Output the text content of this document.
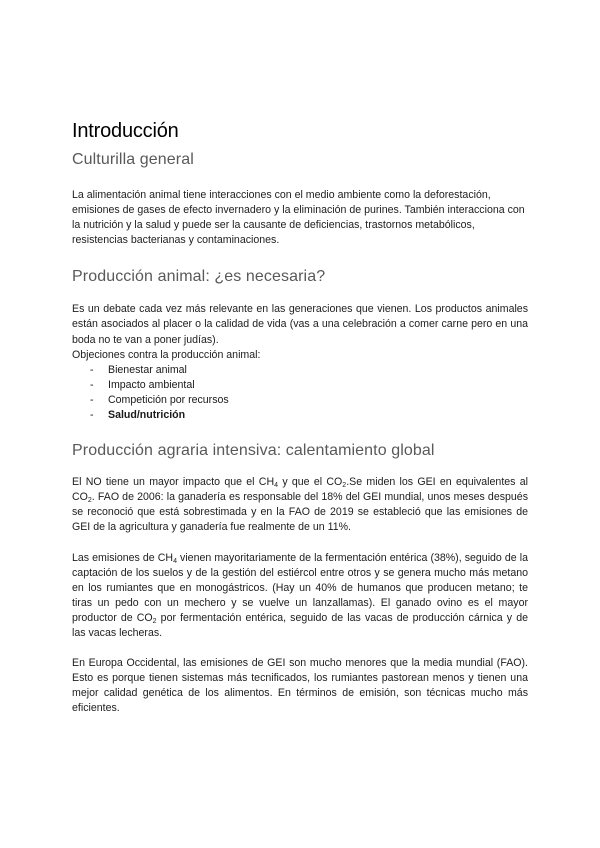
Introducción
Culturilla general

La alimentación animal tiene interacciones con el medio ambiente como la deforestación, emisiones de gases de efecto invernadero y la eliminación de purines. También interacciona con la nutrición y la salud y puede ser la causante de deficiencias, trastornos metabólicos, resistencias bacterianas y contaminaciones.

Producción animal: ¿es necesaria?

Es un debate cada vez más relevante en las generaciones que vienen. Los productos animales están asociados al placer o la calidad de vida (vas a una celebración a comer carne pero en una boda no te van a poner judías).

Objeciones contra la producción animal:

- Bienestar animal
- Impacto ambiental
- Competición por recursos
- Salud/nutrición
Producción agraria intensiva: calentamiento global

El NO tiene un mayor impacto que el $CH_4$ y que el $CO_2.Se$ miden los GEI en equivalentes al $CO_2$. FAO de 2006: la ganadería es responsable del 18% del GEI mundial, unos meses después se reconoció que está sobrestimada y en la FAO de 2019 se estableció que las emisiones de GEI de la agricultura y ganadería fue realmente de un 11%.

Las emisiones de $CH_4$ vienen mayoritariamente de la fermentación entérica (38%), seguido de la captación de los suelos y de la gestión del estiércol entre otros y se genera mucho más metano en los rumiantes que en monogástricos. (Hay un 40% de humanos que producen metano; te tiras un pedo con un mechero y se vuelve un lanzallamas). El ganado ovino es el mayor productor de $CO_2$ por fermentación entérica, seguido de las vacas de producción cárnica y de las vacas lecheras.

En Europa Occidental, las emisiones de GEI son mucho menores que la media mundial (FAO). Esto es porque tienen sistemas más tecnificados, los rumiantes pastorean menos y tienen una mejor calidad genética de los alimentos. En términos de emisión, son técnicas mucho más eficientes.
